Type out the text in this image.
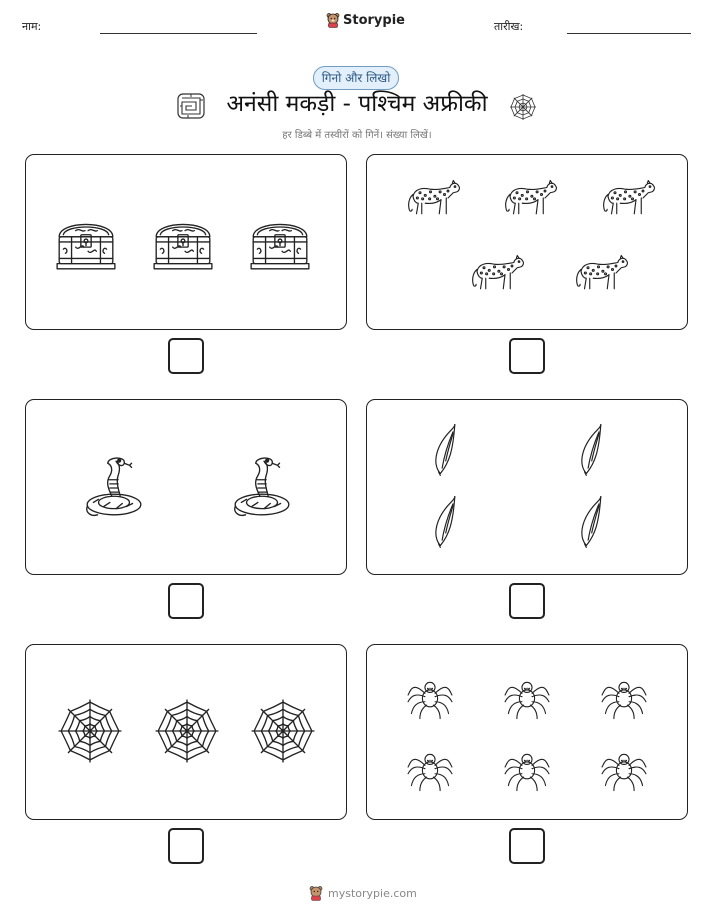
नाम:	Storypie	तारीख:
गिनो और लिखो
अनंसी मकड़ी - पश्चिम अफ्रीकी
हर डिब्बे में तस्वीरों को गिनें। संख्या लिखें।
mystorypie.com
